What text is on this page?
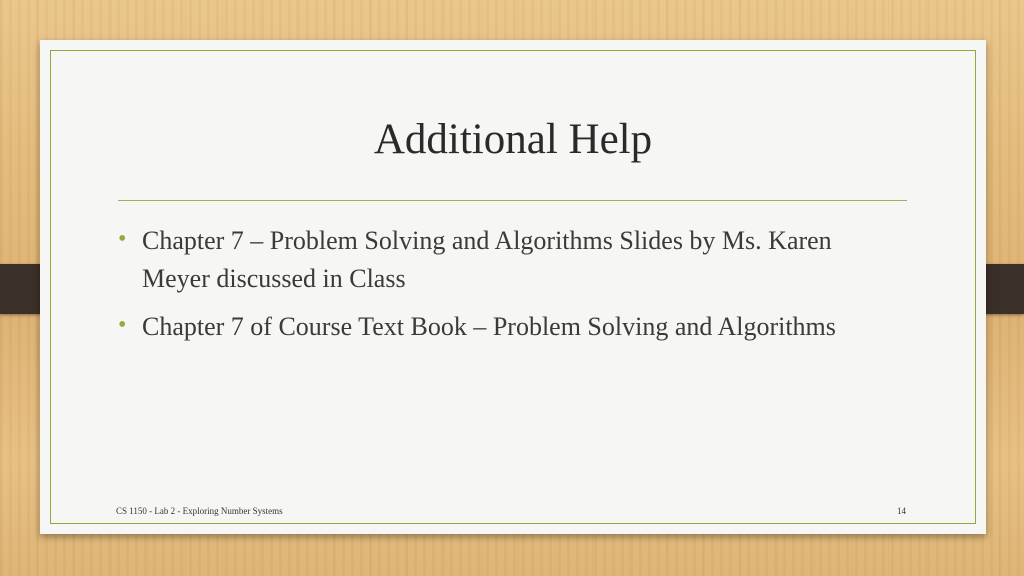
Additional Help
• Chapter 7 – Problem Solving and Algorithms Slides by Ms. Karen Meyer discussed in Class
• Chapter 7 of Course Text Book – Problem Solving and Algorithms
CS 1150 - Lab 2 - Exploring Number Systems	14
